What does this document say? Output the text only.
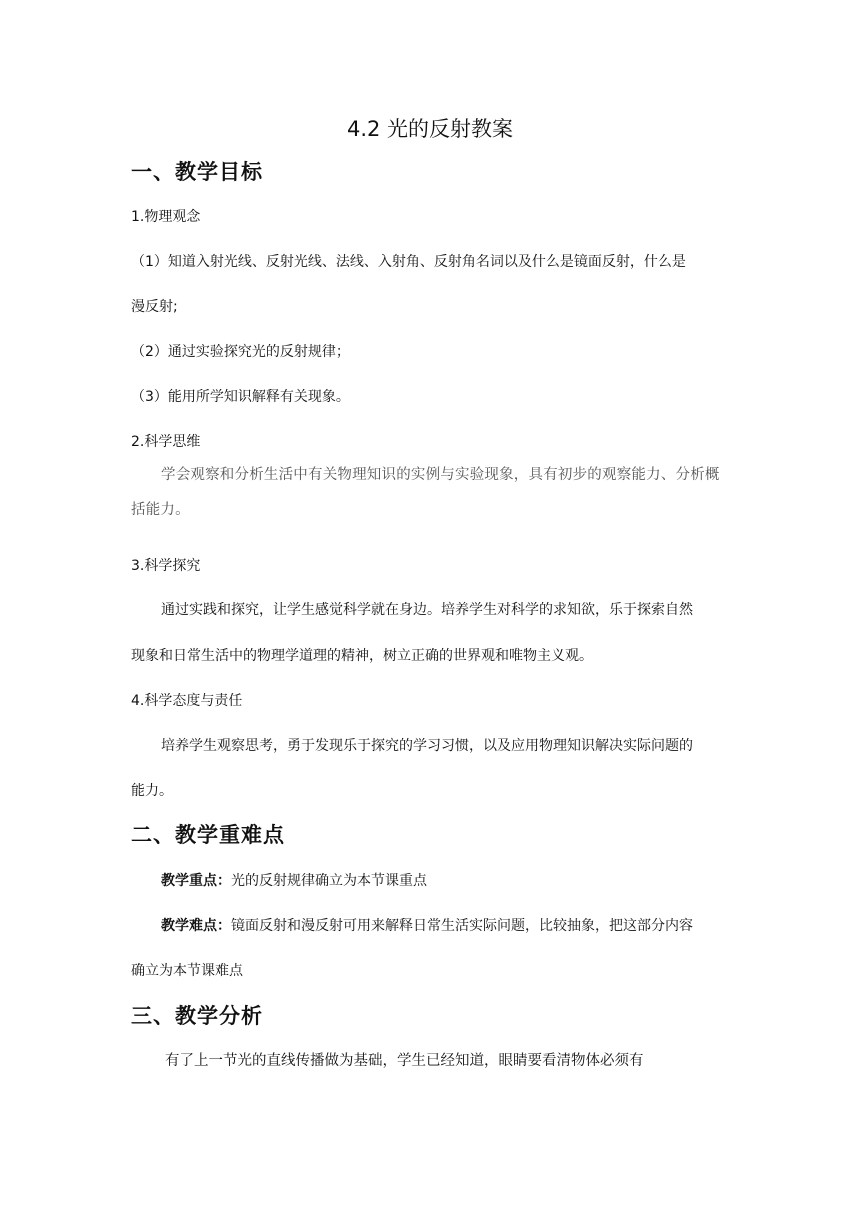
4.2 光的反射教案
一、教学目标

1.物理观念

（1）知道入射光线、反射光线、法线、入射角、反射角名词以及什么是镜面反射，什么是

漫反射;

（2）通过实验探究光的反射规律；

（3）能用所学知识解释有关现象。

2.科学思维

学会观察和分析生活中有关物理知识的实例与实验现象，具有初步的观察能力、分析概

括能力。

3.科学探究

通过实践和探究，让学生感觉科学就在身边。培养学生对科学的求知欲，乐于探索自然

现象和日常生活中的物理学道理的精神，树立正确的世界观和唯物主义观。

4.科学态度与责任

培养学生观察思考，勇于发现乐于探究的学习习惯，以及应用物理知识解决实际问题的

能力。

二、教学重难点

教学重点：光的反射规律确立为本节课重点

教学难点：镜面反射和漫反射可用来解释日常生活实际问题，比较抽象，把这部分内容

确立为本节课难点

三、教学分析

有了上一节光的直线传播做为基础，学生已经知道，眼睛要看清物体必须有
